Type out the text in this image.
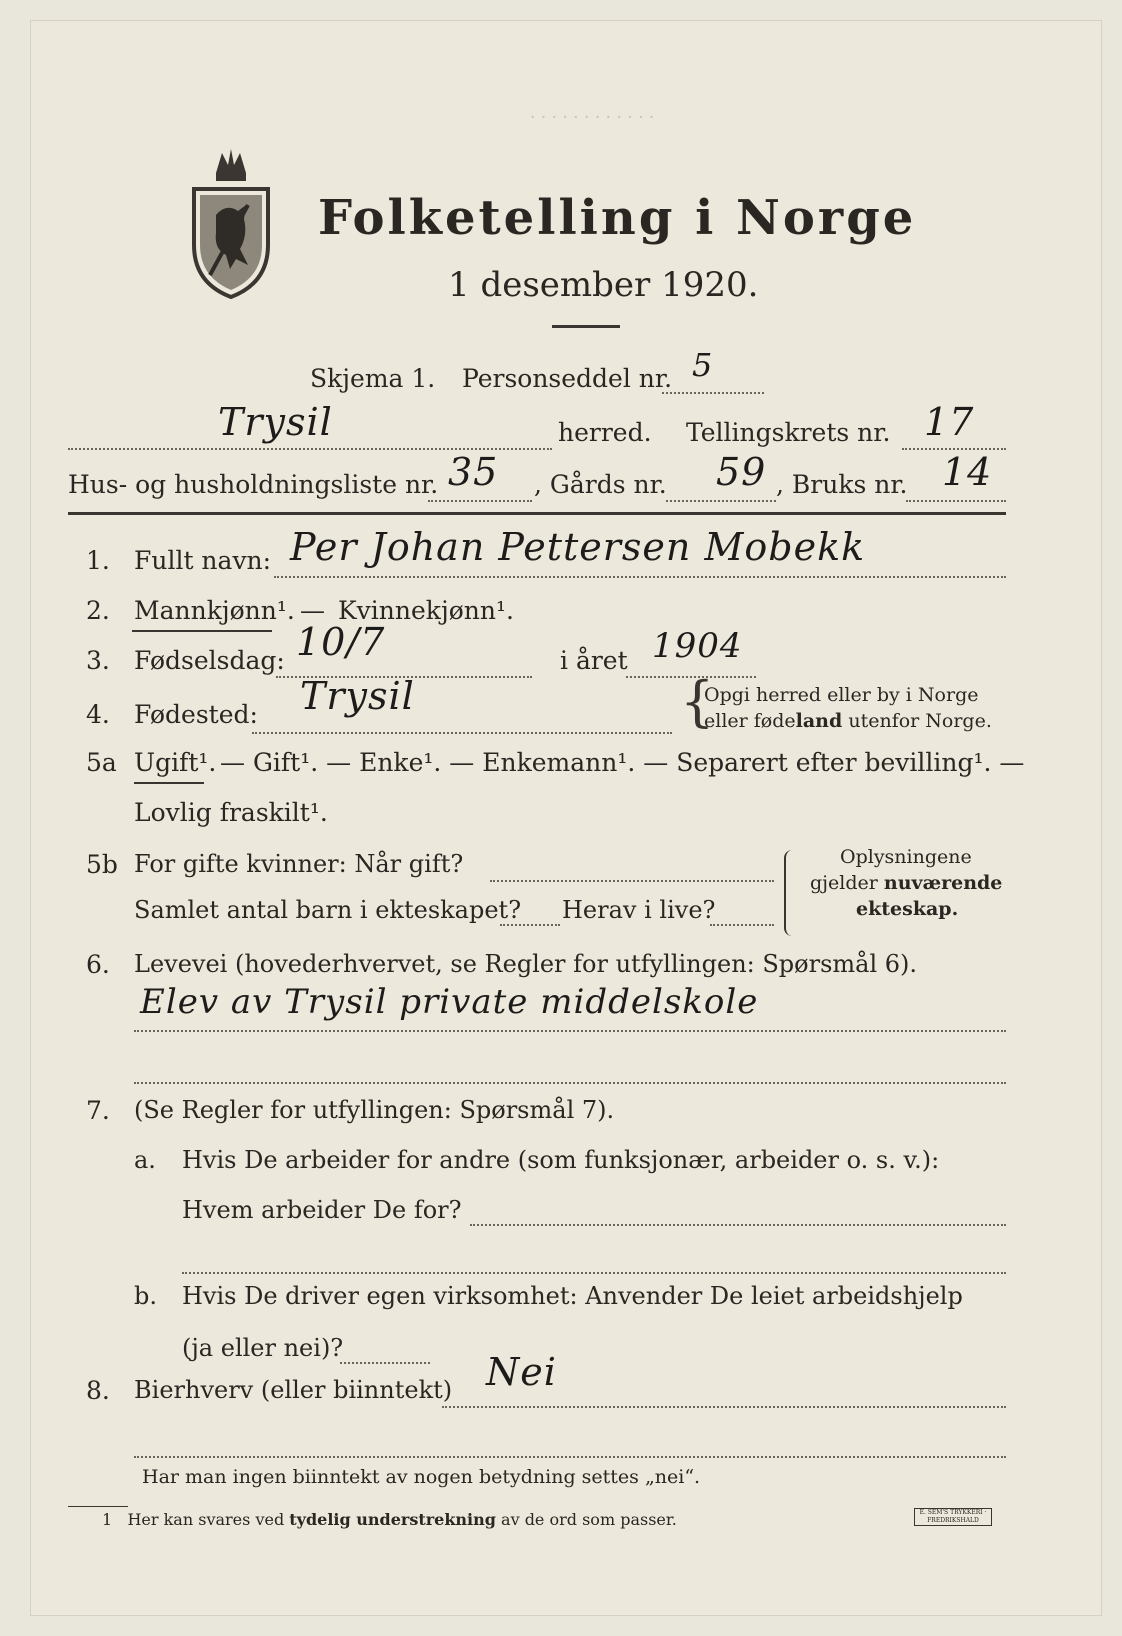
Folketelling i Norge
1 desember 1920.
· · · · · · · · · · · ·
Skjema 1. Personseddel nr. 5
Trysil	herred. Tellingskrets nr. 17
Hus- og husholdningsliste nr. 35 , Gårds nr. 59 , Bruks nr. 14
1. Fullt navn: Per Johan Pettersen Mobekk
2. Mannkjønn¹. — Kvinnekjønn¹.
3. Fødselsdag: 10/7	i året 1904
4. Fødested: Trysil	{
Opgi herred eller by i Norge
eller fødeland utenfor Norge.
5a Ugift¹. — Gift¹. — Enke¹. — Enkemann¹. — Separert efter bevilling¹. —
Lovlig fraskilt¹.
5b For gifte kvinner: Når gift?
Samlet antal barn i ekteskapet? Herav i live?
Oplysningene
gjelder nuværende
ekteskap.
6. Levevei (hovederhvervet, se Regler for utfyllingen: Spørsmål 6).
Elev av Trysil private middelskole
7. (Se Regler for utfyllingen: Spørsmål 7).
a. Hvis De arbeider for andre (som funksjonær, arbeider o. s. v.):
Hvem arbeider De for?
b. Hvis De driver egen virksomhet: Anvender De leiet arbeidshjelp
(ja eller nei)?
8. Bierhverv (eller biinntekt) Nei
Har man ingen biinntekt av nogen betydning settes „nei“.
1 Her kan svares ved tydelig understrekning av de ord som passer.	E. SEM'S TRYKKERI · FREDRIKSHALD
